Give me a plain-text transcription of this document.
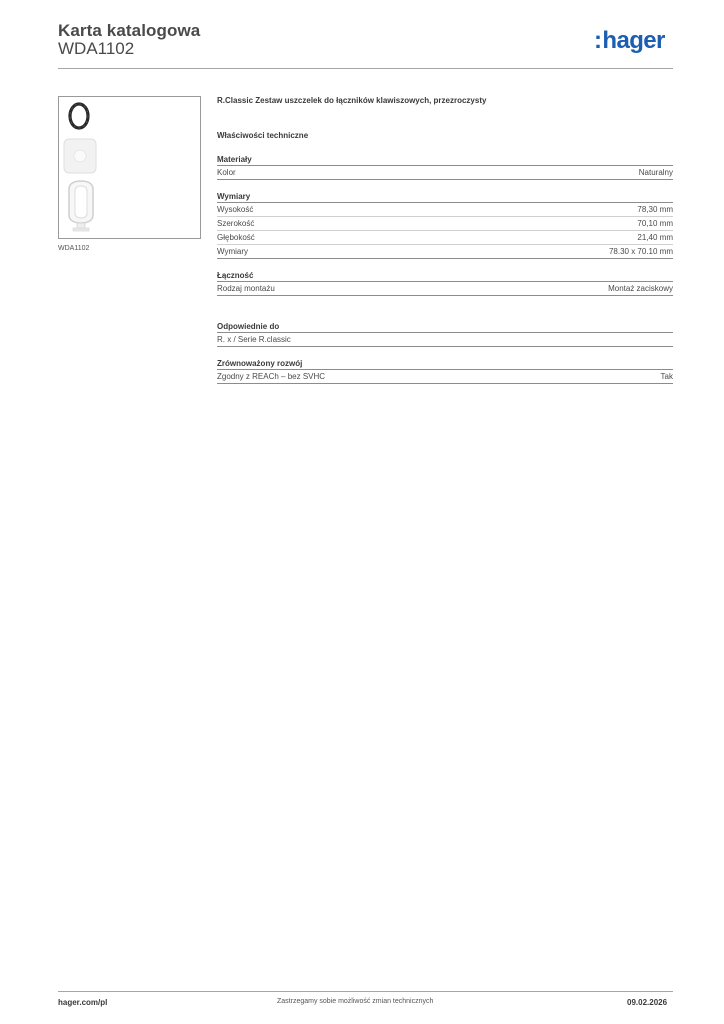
Karta katalogowa
WDA1102	:hager
WDA1102
R.Classic Zestaw uszczelek do łączników klawiszowych, przezroczysty
Właściwości techniczne
Materiały
Kolor	Naturalny
Wymiary
Wysokość	78,30 mm
Szerokość	70,10 mm
Głębokość	21,40 mm
Wymiary	78.30 x 70.10 mm
Łączność
Rodzaj montażu	Montaż zaciskowy
Odpowiednie do
R. x / Serie R.classic
Zrównoważony rozwój
Zgodny z REACh – bez SVHC	Tak
hager.com/pl	Zastrzegamy sobie możliwość zmian technicznych	09.02.2026
